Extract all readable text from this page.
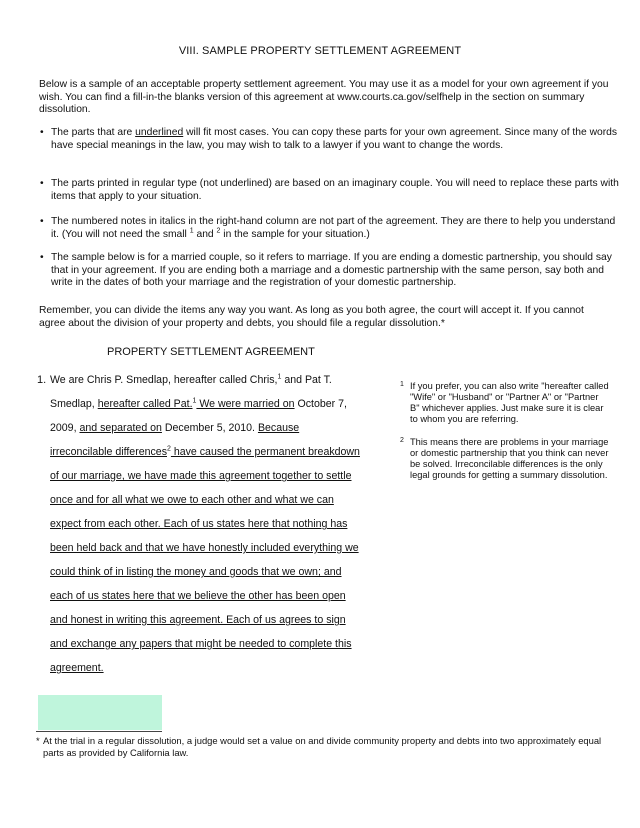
VIII. SAMPLE PROPERTY SETTLEMENT AGREEMENT

Below is a sample of an acceptable property settlement agreement. You may use it as a model for your own agreement if you wish. You can find a fill-in-the blanks version of this agreement at www.courts.ca.gov/selfhelp in the section on summary dissolution.

• The parts that are underlined will fit most cases. You can copy these parts for your own agreement. Since many of the words have special meanings in the law, you may wish to talk to a lawyer if you want to change the words.
• The parts printed in regular type (not underlined) are based on an imaginary couple. You will need to replace these parts with items that apply to your situation.
• The numbered notes in italics in the right-hand column are not part of the agreement. They are there to help you understand it. (You will not need the small $^1$ and $^2$ in the sample for your situation.)
• The sample below is for a married couple, so it refers to marriage. If you are ending a domestic partnership, you should say that in your agreement. If you are ending both a marriage and a domestic partnership with the same person, say both and write in the dates of both your marriage and the registration of your domestic partnership.

Remember, you can divide the items any way you want. As long as you both agree, the court will accept it. If you cannot agree about the division of your property and debts, you should file a regular dissolution.*

PROPERTY SETTLEMENT AGREEMENT
1. We are Chris P. Smedlap, hereafter called Chris,$^1$ and Pat T.
Smedlap, hereafter called Pat.$^1$ We were married on October 7,
2009, and separated on December 5, 2010. Because
irreconcilable differences$^2$ have caused the permanent breakdown
of our marriage, we have made this agreement together to settle
once and for all what we owe to each other and what we can
expect from each other. Each of us states here that nothing has
been held back and that we have honestly included everything we
could think of in listing the money and goods that we own; and
each of us states here that we believe the other has been open
and honest in writing this agreement. Each of us agrees to sign
and exchange any papers that might be needed to complete this
agreement.
1 If you prefer, you can also write "hereafter called "Wife" or "Husband" or "Partner A" or "Partner B" whichever applies. Just make sure it is clear to whom you are referring.
2 This means there are problems in your marriage or domestic partnership that you think can never be solved. Irreconcilable differences is the only legal grounds for getting a summary dissolution.
* At the trial in a regular dissolution, a judge would set a value on and divide community property and debts into two approximately equal parts as provided by California law.
